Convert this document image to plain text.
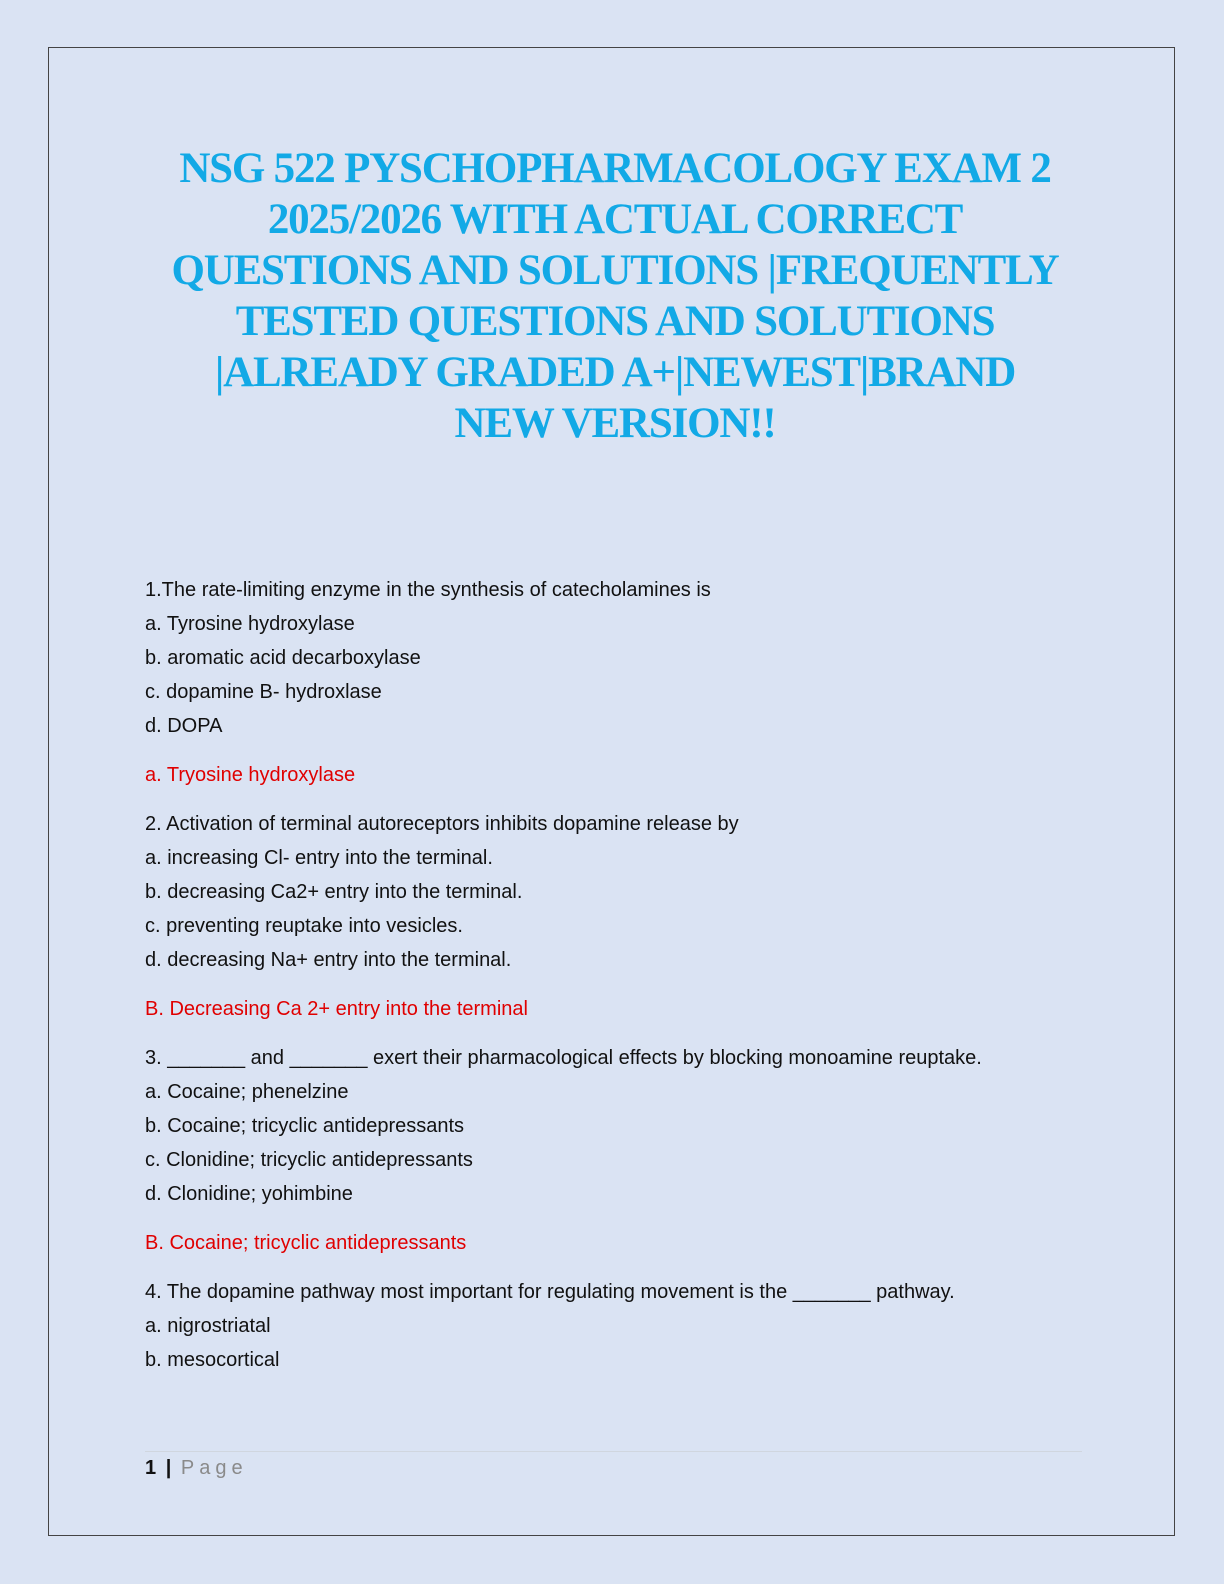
NSG 522 PYSCHOPHARMACOLOGY EXAM 2
2025/2026 WITH ACTUAL CORRECT
QUESTIONS AND SOLUTIONS |FREQUENTLY
TESTED QUESTIONS AND SOLUTIONS
|ALREADY GRADED A+|NEWEST|BRAND
NEW VERSION!!
1.The rate-limiting enzyme in the synthesis of catecholamines is
a. Tyrosine hydroxylase
b. aromatic acid decarboxylase
c. dopamine B- hydroxlase
d. DOPA
a. Tryosine hydroxylase
2. Activation of terminal autoreceptors inhibits dopamine release by
a. increasing Cl- entry into the terminal.
b. decreasing Ca2+ entry into the terminal.
c. preventing reuptake into vesicles.
d. decreasing Na+ entry into the terminal.
B. Decreasing Ca 2+ entry into the terminal
3. _______ and _______ exert their pharmacological effects by blocking monoamine reuptake.
a. Cocaine; phenelzine
b. Cocaine; tricyclic antidepressants
c. Clonidine; tricyclic antidepressants
d. Clonidine; yohimbine
B. Cocaine; tricyclic antidepressants
4. The dopamine pathway most important for regulating movement is the _______ pathway.
a. nigrostriatal
b. mesocortical
1 | Page
